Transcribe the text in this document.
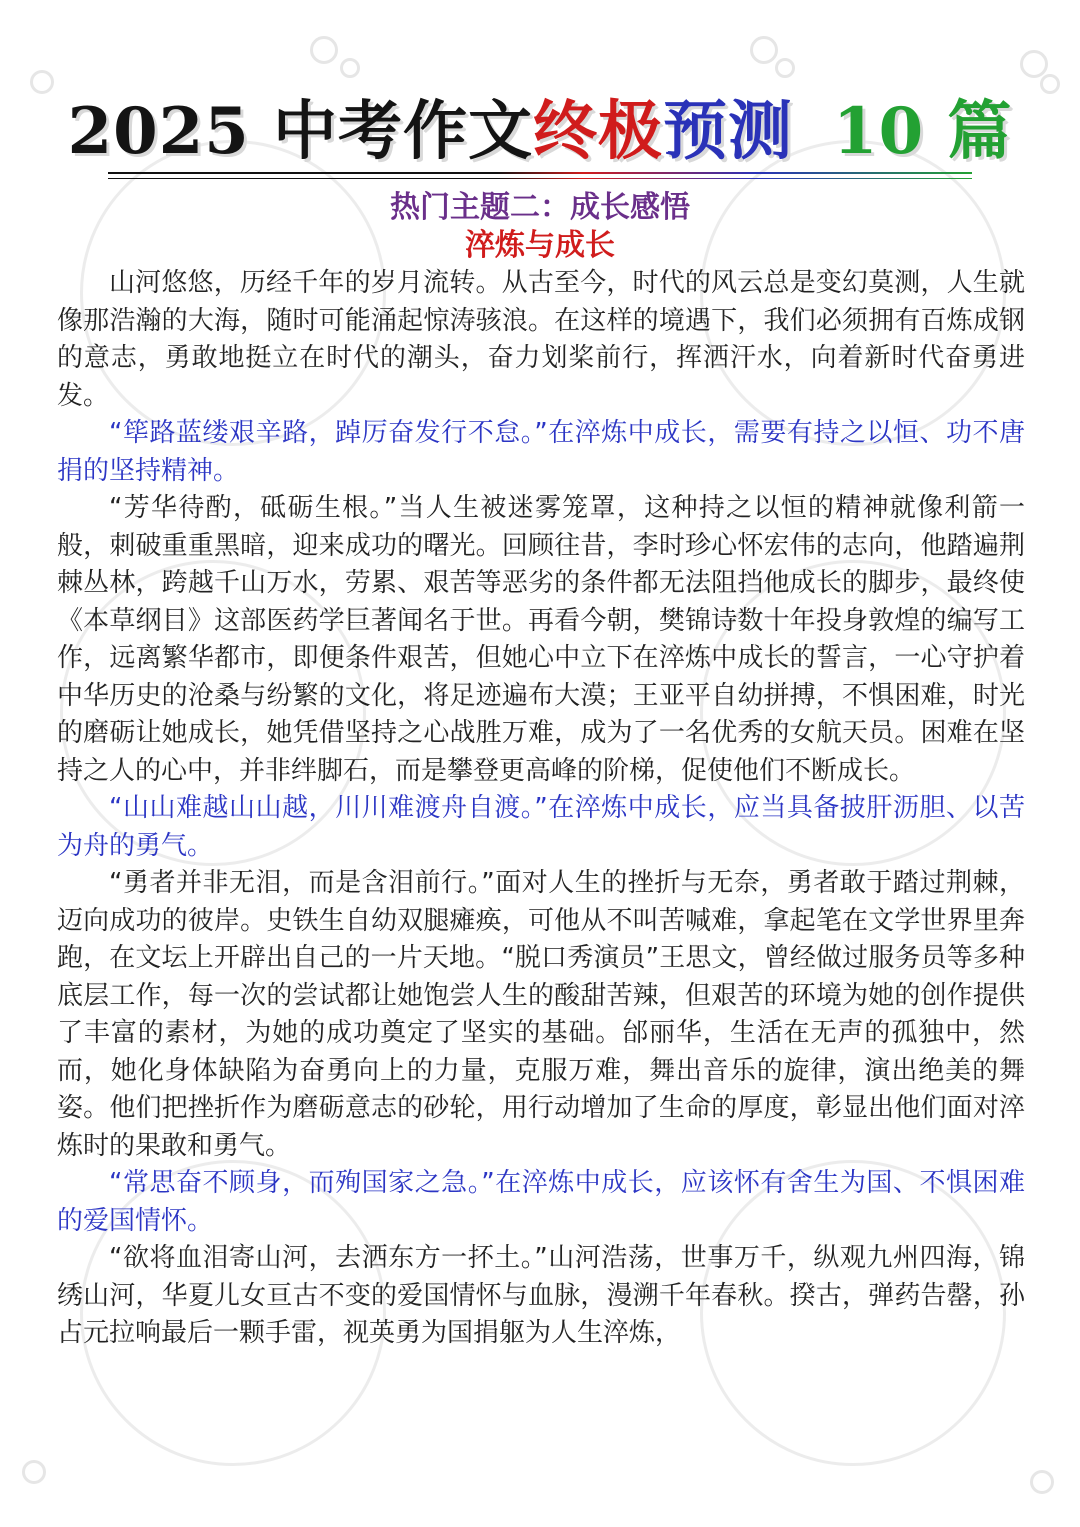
2025 中考作文终极预测 10 篇
热门主题二：成长感悟
淬炼与成长

山河悠悠，历经千年的岁月流转。从古至今，时代的风云总是变幻莫测，人生就像那浩瀚的大海，随时可能涌起惊涛骇浪。在这样的境遇下，我们必须拥有百炼成钢的意志，勇敢地挺立在时代的潮头，奋力划桨前行，挥洒汗水，向着新时代奋勇进发。

“筚路蓝缕艰辛路，踔厉奋发行不怠。”在淬炼中成长，需要有持之以恒、功不唐捐的坚持精神。

“芳华待酌，砥砺生根。”当人生被迷雾笼罩，这种持之以恒的精神就像利箭一般，刺破重重黑暗，迎来成功的曙光。回顾往昔，李时珍心怀宏伟的志向，他踏遍荆棘丛林，跨越千山万水，劳累、艰苦等恶劣的条件都无法阻挡他成长的脚步，最终使《本草纲目》这部医药学巨著闻名于世。再看今朝，樊锦诗数十年投身敦煌的编写工作，远离繁华都市，即便条件艰苦，但她心中立下在淬炼中成长的誓言，一心守护着中华历史的沧桑与纷繁的文化，将足迹遍布大漠；王亚平自幼拼搏，不惧困难，时光的磨砺让她成长，她凭借坚持之心战胜万难，成为了一名优秀的女航天员。困难在坚持之人的心中，并非绊脚石，而是攀登更高峰的阶梯，促使他们不断成长。

“山山难越山山越，川川难渡舟自渡。”在淬炼中成长，应当具备披肝沥胆、以苦为舟的勇气。

“勇者并非无泪，而是含泪前行。”面对人生的挫折与无奈，勇者敢于踏过荆棘，迈向成功的彼岸。史铁生自幼双腿瘫痪，可他从不叫苦喊难，拿起笔在文学世界里奔跑，在文坛上开辟出自己的一片天地。“脱口秀演员”王思文，曾经做过服务员等多种底层工作，每一次的尝试都让她饱尝人生的酸甜苦辣，但艰苦的环境为她的创作提供了丰富的素材，为她的成功奠定了坚实的基础。邰丽华，生活在无声的孤独中，然而，她化身体缺陷为奋勇向上的力量，克服万难，舞出音乐的旋律，演出绝美的舞姿。他们把挫折作为磨砺意志的砂轮，用行动增加了生命的厚度，彰显出他们面对淬炼时的果敢和勇气。

“常思奋不顾身，而殉国家之急。”在淬炼中成长，应该怀有舍生为国、不惧困难的爱国情怀。

“欲将血泪寄山河，去洒东方一抔土。”山河浩荡，世事万千，纵观九州四海，锦绣山河，华夏儿女亘古不变的爱国情怀与血脉，漫溯千年春秋。揆古，弹药告罄，孙占元拉响最后一颗手雷，视英勇为国捐躯为人生淬炼，
